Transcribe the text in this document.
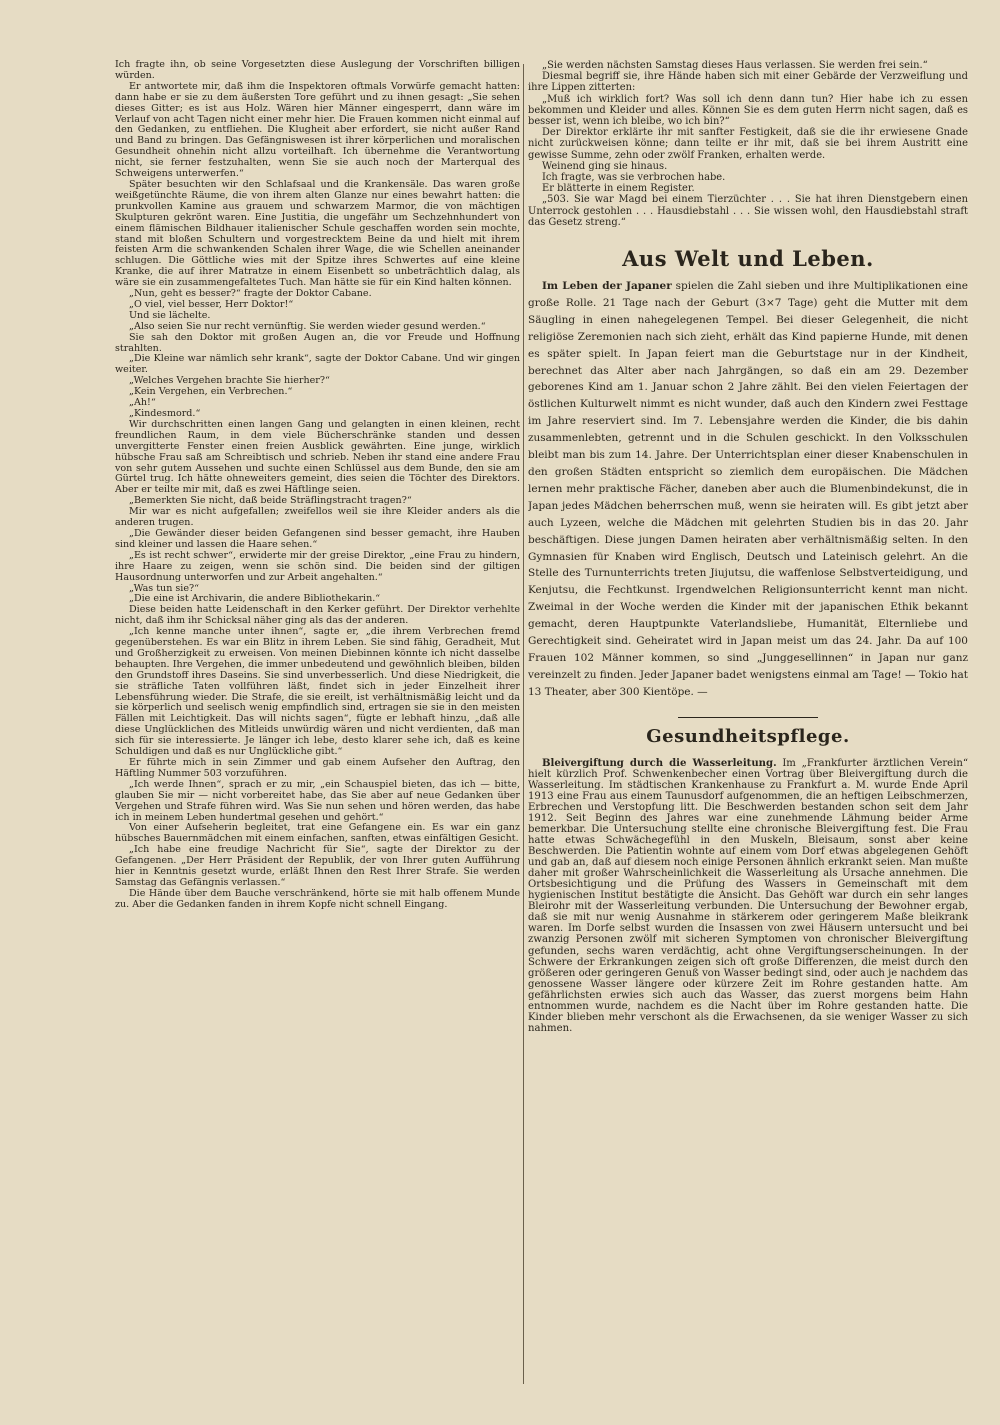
Ich fragte ihn, ob seine Vorgesetzten diese Auslegung der Vorschriften billigen würden.

Er antwortete mir, daß ihm die Inspektoren oftmals Vorwürfe gemacht hatten: dann habe er sie zu dem äußersten Tore geführt und zu ihnen gesagt: „Sie sehen dieses Gitter; es ist aus Holz. Wären hier Männer eingesperrt, dann wäre im Verlauf von acht Tagen nicht einer mehr hier. Die Frauen kommen nicht einmal auf den Gedanken, zu entfliehen. Die Klugheit aber erfordert, sie nicht außer Rand und Band zu bringen. Das Gefängniswesen ist ihrer körperlichen und moralischen Gesundheit ohnehin nicht allzu vorteilhaft. Ich übernehme die Verantwortung nicht, sie ferner festzuhalten, wenn Sie sie auch noch der Marterqual des Schweigens unterwerfen.“

Später besuchten wir den Schlafsaal und die Krankensäle. Das waren große weißgetünchte Räume, die von ihrem alten Glanze nur eines bewahrt hatten: die prunkvollen Kamine aus grauem und schwarzem Marmor, die von mächtigen Skulpturen gekrönt waren. Eine Justitia, die ungefähr um Sechzehnhundert von einem flämischen Bildhauer italienischer Schule geschaffen worden sein mochte, stand mit bloßen Schultern und vorgestrecktem Beine da und hielt mit ihrem feisten Arm die schwankenden Schalen ihrer Wage, die wie Schellen aneinander schlugen. Die Göttliche wies mit der Spitze ihres Schwertes auf eine kleine Kranke, die auf ihrer Matratze in einem Eisenbett so unbeträchtlich dalag, als wäre sie ein zusammengefaltetes Tuch. Man hätte sie für ein Kind halten können.

„Nun, geht es besser?“ fragte der Doktor Cabane.

„O viel, viel besser, Herr Doktor!“

Und sie lächelte.

„Also seien Sie nur recht vernünftig. Sie werden wieder gesund werden.“

Sie sah den Doktor mit großen Augen an, die vor Freude und Hoffnung strahlten.

„Die Kleine war nämlich sehr krank“, sagte der Doktor Cabane. Und wir gingen weiter.

„Welches Vergehen brachte Sie hierher?“

„Kein Vergehen, ein Verbrechen.“

„Ah!“

„Kindesmord.“

Wir durchschritten einen langen Gang und gelangten in einen kleinen, recht freundlichen Raum, in dem viele Bücherschränke standen und dessen unvergitterte Fenster einen freien Ausblick gewährten. Eine junge, wirklich hübsche Frau saß am Schreibtisch und schrieb. Neben ihr stand eine andere Frau von sehr gutem Aussehen und suchte einen Schlüssel aus dem Bunde, den sie am Gürtel trug. Ich hätte ohneweiters gemeint, dies seien die Töchter des Direktors. Aber er teilte mir mit, daß es zwei Häftlinge seien.

„Bemerkten Sie nicht, daß beide Sträflingstracht tragen?“

Mir war es nicht aufgefallen; zweifellos weil sie ihre Kleider anders als die anderen trugen.

„Die Gewänder dieser beiden Gefangenen sind besser gemacht, ihre Hauben sind kleiner und lassen die Haare sehen.“

„Es ist recht schwer“, erwiderte mir der greise Direktor, „eine Frau zu hindern, ihre Haare zu zeigen, wenn sie schön sind. Die beiden sind der giltigen Hausordnung unterworfen und zur Arbeit angehalten.“

„Was tun sie?“

„Die eine ist Archivarin, die andere Bibliothekarin.“

Diese beiden hatte Leidenschaft in den Kerker geführt. Der Direktor verhehlte nicht, daß ihm ihr Schicksal näher ging als das der anderen.

„Ich kenne manche unter ihnen“, sagte er, „die ihrem Verbrechen fremd gegenüberstehen. Es war ein Blitz in ihrem Leben. Sie sind fähig, Geradheit, Mut und Großherzigkeit zu erweisen. Von meinen Diebinnen könnte ich nicht dasselbe behaupten. Ihre Vergehen, die immer unbedeutend und gewöhnlich bleiben, bilden den Grundstoff ihres Daseins. Sie sind unverbesserlich. Und diese Niedrigkeit, die sie sträfliche Taten vollführen läßt, findet sich in jeder Einzelheit ihrer Lebensführung wieder. Die Strafe, die sie ereilt, ist verhältnismäßig leicht und da sie körperlich und seelisch wenig empfindlich sind, ertragen sie sie in den meisten Fällen mit Leichtigkeit. Das will nichts sagen“, fügte er lebhaft hinzu, „daß alle diese Unglücklichen des Mitleids unwürdig wären und nicht verdienten, daß man sich für sie interessierte. Je länger ich lebe, desto klarer sehe ich, daß es keine Schuldigen und daß es nur Unglückliche gibt.“

Er führte mich in sein Zimmer und gab einem Aufseher den Auftrag, den Häftling Nummer 503 vorzuführen.

„Ich werde Ihnen“, sprach er zu mir, „ein Schauspiel bieten, das ich — bitte, glauben Sie mir — nicht vorbereitet habe, das Sie aber auf neue Gedanken über Vergehen und Strafe führen wird. Was Sie nun sehen und hören werden, das habe ich in meinem Leben hundertmal gesehen und gehört.“

Von einer Aufseherin begleitet, trat eine Gefangene ein. Es war ein ganz hübsches Bauernmädchen mit einem einfachen, sanften, etwas einfältigen Gesicht.

„Ich habe eine freudige Nachricht für Sie“, sagte der Direktor zu der Gefangenen. „Der Herr Präsident der Republik, der von Ihrer guten Aufführung hier in Kenntnis gesetzt wurde, erläßt Ihnen den Rest Ihrer Strafe. Sie werden Samstag das Gefängnis verlassen.“

Die Hände über dem Bauche verschränkend, hörte sie mit halb offenem Munde zu. Aber die Gedanken fanden in ihrem Kopfe nicht schnell Eingang.

„Sie werden nächsten Samstag dieses Haus verlassen. Sie werden frei sein.“

Diesmal begriff sie, ihre Hände haben sich mit einer Gebärde der Verzweiflung und ihre Lippen zitterten:

„Muß ich wirklich fort? Was soll ich denn dann tun? Hier habe ich zu essen bekommen und Kleider und alles. Können Sie es dem guten Herrn nicht sagen, daß es besser ist, wenn ich bleibe, wo ich bin?“

Der Direktor erklärte ihr mit sanfter Festigkeit, daß sie die ihr erwiesene Gnade nicht zurückweisen könne; dann teilte er ihr mit, daß sie bei ihrem Austritt eine gewisse Summe, zehn oder zwölf Franken, erhalten werde.

Weinend ging sie hinaus.

Ich fragte, was sie verbrochen habe.

Er blätterte in einem Register.

„503. Sie war Magd bei einem Tierzüchter . . . Sie hat ihren Dienstgebern einen Unterrock gestohlen . . . Hausdiebstahl . . . Sie wissen wohl, den Hausdiebstahl straft das Gesetz streng.“

Aus Welt und Leben.

Im Leben der Japaner spielen die Zahl sieben und ihre Multiplikationen eine große Rolle. 21 Tage nach der Geburt (3×7 Tage) geht die Mutter mit dem Säugling in einen nahegelegenen Tempel. Bei dieser Gelegenheit, die nicht religiöse Zeremonien nach sich zieht, erhält das Kind papierne Hunde, mit denen es später spielt. In Japan feiert man die Geburtstage nur in der Kindheit, berechnet das Alter aber nach Jahrgängen, so daß ein am 29. Dezember geborenes Kind am 1. Januar schon 2 Jahre zählt. Bei den vielen Feiertagen der östlichen Kulturwelt nimmt es nicht wunder, daß auch den Kindern zwei Festtage im Jahre reserviert sind. Im 7. Lebensjahre werden die Kinder, die bis dahin zusammenlebten, getrennt und in die Schulen geschickt. In den Volksschulen bleibt man bis zum 14. Jahre. Der Unterrichtsplan einer dieser Knabenschulen in den großen Städten entspricht so ziemlich dem europäischen. Die Mädchen lernen mehr praktische Fächer, daneben aber auch die Blumenbindekunst, die in Japan jedes Mädchen beherrschen muß, wenn sie heiraten will. Es gibt jetzt aber auch Lyzeen, welche die Mädchen mit gelehrten Studien bis in das 20. Jahr beschäftigen. Diese jungen Damen heiraten aber verhältnismäßig selten. In den Gymnasien für Knaben wird Englisch, Deutsch und Lateinisch gelehrt. An die Stelle des Turnunterrichts treten Jiujutsu, die waffenlose Selbstverteidigung, und Kenjutsu, die Fechtkunst. Irgendwelchen Religionsunterricht kennt man nicht. Zweimal in der Woche werden die Kinder mit der japanischen Ethik bekannt gemacht, deren Hauptpunkte Vaterlandsliebe, Humanität, Elternliebe und Gerechtigkeit sind. Geheiratet wird in Japan meist um das 24. Jahr. Da auf 100 Frauen 102 Männer kommen, so sind „Junggesellinnen“ in Japan nur ganz vereinzelt zu finden. Jeder Japaner badet wenigstens einmal am Tage! — Tokio hat 13 Theater, aber 300 Kientöpe. —

Gesundheitspflege.

Bleivergiftung durch die Wasserleitung. Im „Frankfurter ärztlichen Verein“ hielt kürzlich Prof. Schwenkenbecher einen Vortrag über Bleivergiftung durch die Wasserleitung. Im städtischen Krankenhause zu Frankfurt a. M. wurde Ende April 1913 eine Frau aus einem Taunusdorf aufgenommen, die an heftigen Leibschmerzen, Erbrechen und Verstopfung litt. Die Beschwerden bestanden schon seit dem Jahr 1912. Seit Beginn des Jahres war eine zunehmende Lähmung beider Arme bemerkbar. Die Untersuchung stellte eine chronische Bleivergiftung fest. Die Frau hatte etwas Schwächegefühl in den Muskeln, Bleisaum, sonst aber keine Beschwerden. Die Patientin wohnte auf einem vom Dorf etwas abgelegenen Gehöft und gab an, daß auf diesem noch einige Personen ähnlich erkrankt seien. Man mußte daher mit großer Wahrscheinlichkeit die Wasserleitung als Ursache annehmen. Die Ortsbesichtigung und die Prüfung des Wassers in Gemeinschaft mit dem hygienischen Institut bestätigte die Ansicht. Das Gehöft war durch ein sehr langes Bleirohr mit der Wasserleitung verbunden. Die Untersuchung der Bewohner ergab, daß sie mit nur wenig Ausnahme in stärkerem oder geringerem Maße bleikrank waren. Im Dorfe selbst wurden die Insassen von zwei Häusern untersucht und bei zwanzig Personen zwölf mit sicheren Symptomen von chronischer Bleivergiftung gefunden, sechs waren verdächtig, acht ohne Vergiftungserscheinungen. In der Schwere der Erkrankungen zeigen sich oft große Differenzen, die meist durch den größeren oder geringeren Genuß von Wasser bedingt sind, oder auch je nachdem das genossene Wasser längere oder kürzere Zeit im Rohre gestanden hatte. Am gefährlichsten erwies sich auch das Wasser, das zuerst morgens beim Hahn entnommen wurde, nachdem es die Nacht über im Rohre gestanden hatte. Die Kinder blieben mehr verschont als die Erwachsenen, da sie weniger Wasser zu sich nahmen.
